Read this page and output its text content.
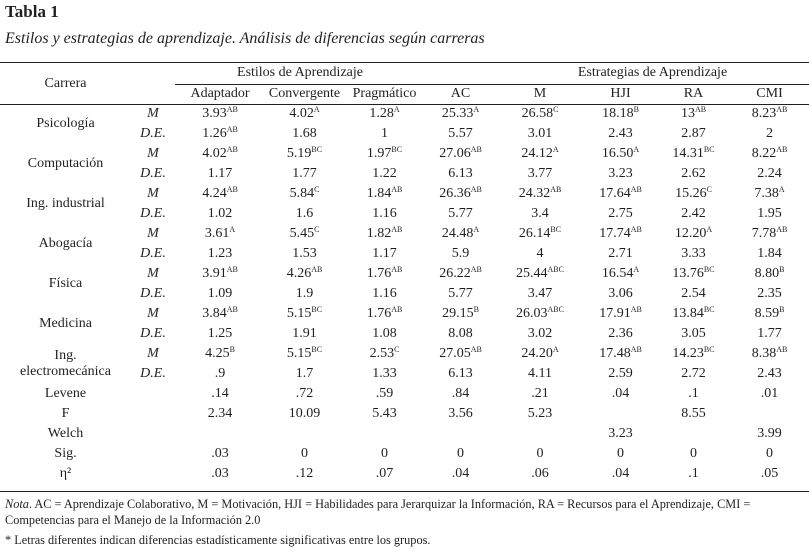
Tabla 1
Estilos y estrategias de aprendizaje. Análisis de diferencias según carreras
Carrera		Estilos de Aprendizaje				Estrategias de Aprendizaje			
		Adaptador	Convergente	Pragmático	AC	M	HJI	RA	CMI
Psicología	M	$3.93^{AB}$	$4.02^A$	$1.28^A$	$25.33^A$	$26.58^C$	$18.18^B$	$13^{AB}$	$8.23^{AB}$
	D.E.	$1.26^{AB}$	1.68	1	5.57	3.01	2.43	2.87	2
Computación	M	$4.02^{AB}$	$5.19^{BC}$	$1.97^{BC}$	$27.06^{AB}$	$24.12^A$	$16.50^A$	$14.31^{BC}$	$8.22^{AB}$
	D.E.	1.17	1.77	1.22	6.13	3.77	3.23	2.62	2.24
Ing. industrial	M	$4.24^{AB}$	$5.84^C$	$1.84^{AB}$	$26.36^{AB}$	$24.32^{AB}$	$17.64^{AB}$	$15.26^C$	$7.38^A$
	D.E.	1.02	1.6	1.16	5.77	3.4	2.75	2.42	1.95
Abogacía	M	$3.61^A$	$5.45^C$	$1.82^{AB}$	$24.48^A$	$26.14^{BC}$	$17.74^{AB}$	$12.20^A$	$7.78^{AB}$
	D.E.	1.23	1.53	1.17	5.9	4	2.71	3.33	1.84
Física	M	$3.91^{AB}$	$4.26^{AB}$	$1.76^{AB}$	$26.22^{AB}$	$25.44^{ABC}$	$16.54^A$	$13.76^{BC}$	$8.80^B$
	D.E.	1.09	1.9	1.16	5.77	3.47	3.06	2.54	2.35
Medicina	M	$3.84^{AB}$	$5.15^{BC}$	$1.76^{AB}$	$29.15^B$	$26.03^{ABC}$	$17.91^{AB}$	$13.84^{BC}$	$8.59^B$
	D.E.	1.25	1.91	1.08	8.08	3.02	2.36	3.05	1.77

Ing.
electromecánica	M	$4.25^B$	$5.15^{BC}$	$2.53^C$	$27.05^{AB}$	$24.20^A$	$17.48^{AB}$	$14.23^{BC}$	$8.38^{AB}$
	D.E.	.9	1.7	1.33	6.13	4.11	2.59	2.72	2.43
Levene		.14	.72	.59	.84	.21	.04	.1	.01
F		2.34	10.09	5.43	3.56	5.23		8.55	
Welch							3.23		3.99
Sig.		.03	0	0	0	0	0	0	0
η²		.03	.12	.07	.04	.06	.04	.1	.05
Nota. AC = Aprendizaje Colaborativo, M = Motivación, HJI = Habilidades para Jerarquizar la Información, RA = Recursos para el Aprendizaje, CMI = Competencias para el Manejo de la Información 2.0
* Letras diferentes indican diferencias estadísticamente significativas entre los grupos.
